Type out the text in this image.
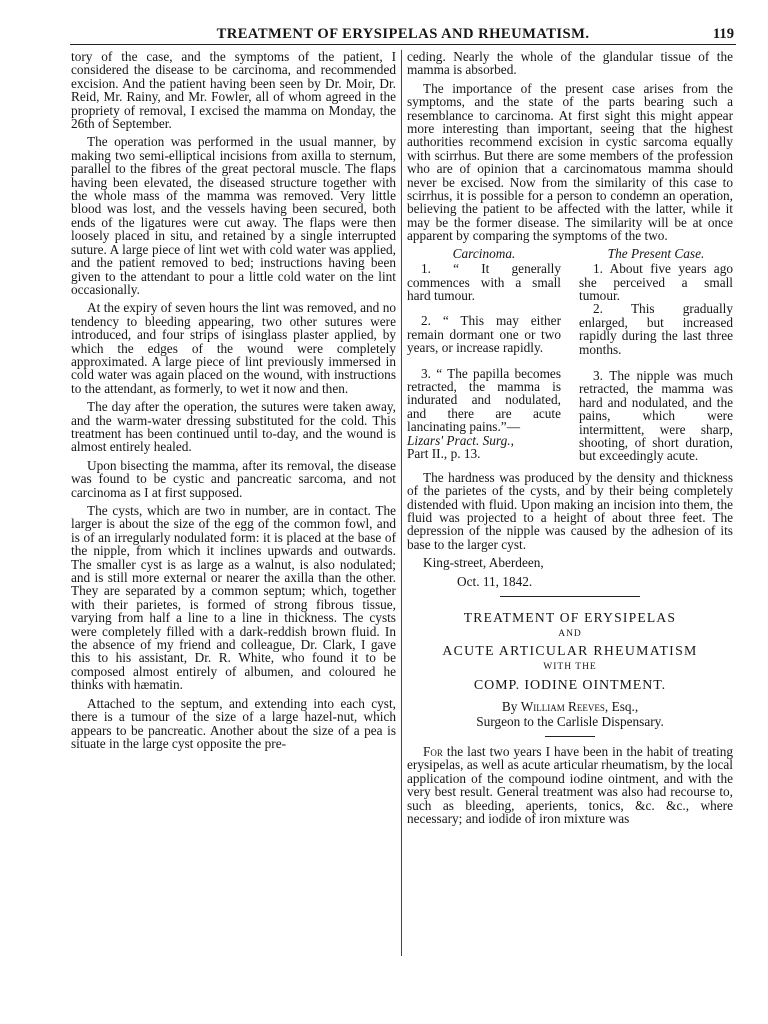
TREATMENT OF ERYSIPELAS AND RHEUMATISM.	119

tory of the case, and the symptoms of the patient, I considered the disease to be carcinoma, and recommended excision. And the patient having been seen by Dr. Moir, Dr. Reid, Mr. Rainy, and Mr. Fowler, all of whom agreed in the propriety of removal, I excised the mamma on Monday, the 26th of September.

The operation was performed in the usual manner, by making two semi-elliptical incisions from axilla to sternum, parallel to the fibres of the great pectoral muscle. The flaps having been elevated, the diseased structure together with the whole mass of the mamma was removed. Very little blood was lost, and the vessels having been secured, both ends of the ligatures were cut away. The flaps were then loosely placed in situ, and retained by a single interrupted suture. A large piece of lint wet with cold water was applied, and the patient removed to bed; instructions having been given to the attendant to pour a little cold water on the lint occasionally.

At the expiry of seven hours the lint was removed, and no tendency to bleeding appearing, two other sutures were introduced, and four strips of isinglass plaster applied, by which the edges of the wound were completely approximated. A large piece of lint previously immersed in cold water was again placed on the wound, with instructions to the attendant, as formerly, to wet it now and then.

The day after the operation, the sutures were taken away, and the warm-water dressing substituted for the cold. This treatment has been continued until to-day, and the wound is almost entirely healed.

Upon bisecting the mamma, after its removal, the disease was found to be cystic and pancreatic sarcoma, and not carcinoma as I at first supposed.

The cysts, which are two in number, are in contact. The larger is about the size of the egg of the common fowl, and is of an irregularly nodulated form: it is placed at the base of the nipple, from which it inclines upwards and outwards. The smaller cyst is as large as a walnut, is also nodulated; and is still more external or nearer the axilla than the other. They are separated by a common septum; which, together with their parietes, is formed of strong fibrous tissue, varying from half a line to a line in thickness. The cysts were completely filled with a dark-reddish brown fluid. In the absence of my friend and colleague, Dr. Clark, I gave this to his assistant, Dr. R. White, who found it to be composed almost entirely of albumen, and coloured he thinks with hæmatin.

Attached to the septum, and extending into each cyst, there is a tumour of the size of a large hazel-nut, which appears to be pancreatic. Another about the size of a pea is situate in the large cyst opposite the pre-

ceding. Nearly the whole of the glandular tissue of the mamma is absorbed.

The importance of the present case arises from the symptoms, and the state of the parts bearing such a resemblance to carcinoma. At first sight this might appear more interesting than important, seeing that the highest authorities recommend excision in cystic sarcoma equally with scirrhus. But there are some members of the profession who are of opinion that a carcinomatous mamma should never be excised. Now from the similarity of this case to scirrhus, it is possible for a person to condemn an operation, believing the patient to be affected with the latter, while it may be the former disease. The similarity will be at once apparent by comparing the symptoms of the two.

Carcinoma.

1. “ It generally commences with a small hard tumour.

2. “ This may either remain dormant one or two years, or increase rapidly.

3. “ The papilla becomes retracted, the mamma is indurated and nodulated, and there are acute lancinating pains.”—

Lizars' Pract. Surg.,
Part II., p. 13.
The Present Case.

1. About five years ago she perceived a small tumour.

2. This gradually enlarged, but increased rapidly during the last three months.

3. The nipple was much retracted, the mamma was hard and nodulated, and the pains, which were intermittent, were sharp, shooting, of short duration, but exceedingly acute.

The hardness was produced by the density and thickness of the parietes of the cysts, and by their being completely distended with fluid. Upon making an incision into them, the fluid was projected to a height of about three feet. The depression of the nipple was caused by the adhesion of its base to the larger cyst.

King-street, Aberdeen,

Oct. 11, 1842.

TREATMENT OF ERYSIPELAS
AND
ACUTE ARTICULAR RHEUMATISM
WITH THE
COMP. IODINE OINTMENT.
By William Reeves, Esq.,
Surgeon to the Carlisle Dispensary.

For the last two years I have been in the habit of treating erysipelas, as well as acute articular rheumatism, by the local application of the compound iodine ointment, and with the very best result. General treatment was also had recourse to, such as bleeding, aperients, tonics, &c. &c., where necessary; and iodide of iron mixture was
